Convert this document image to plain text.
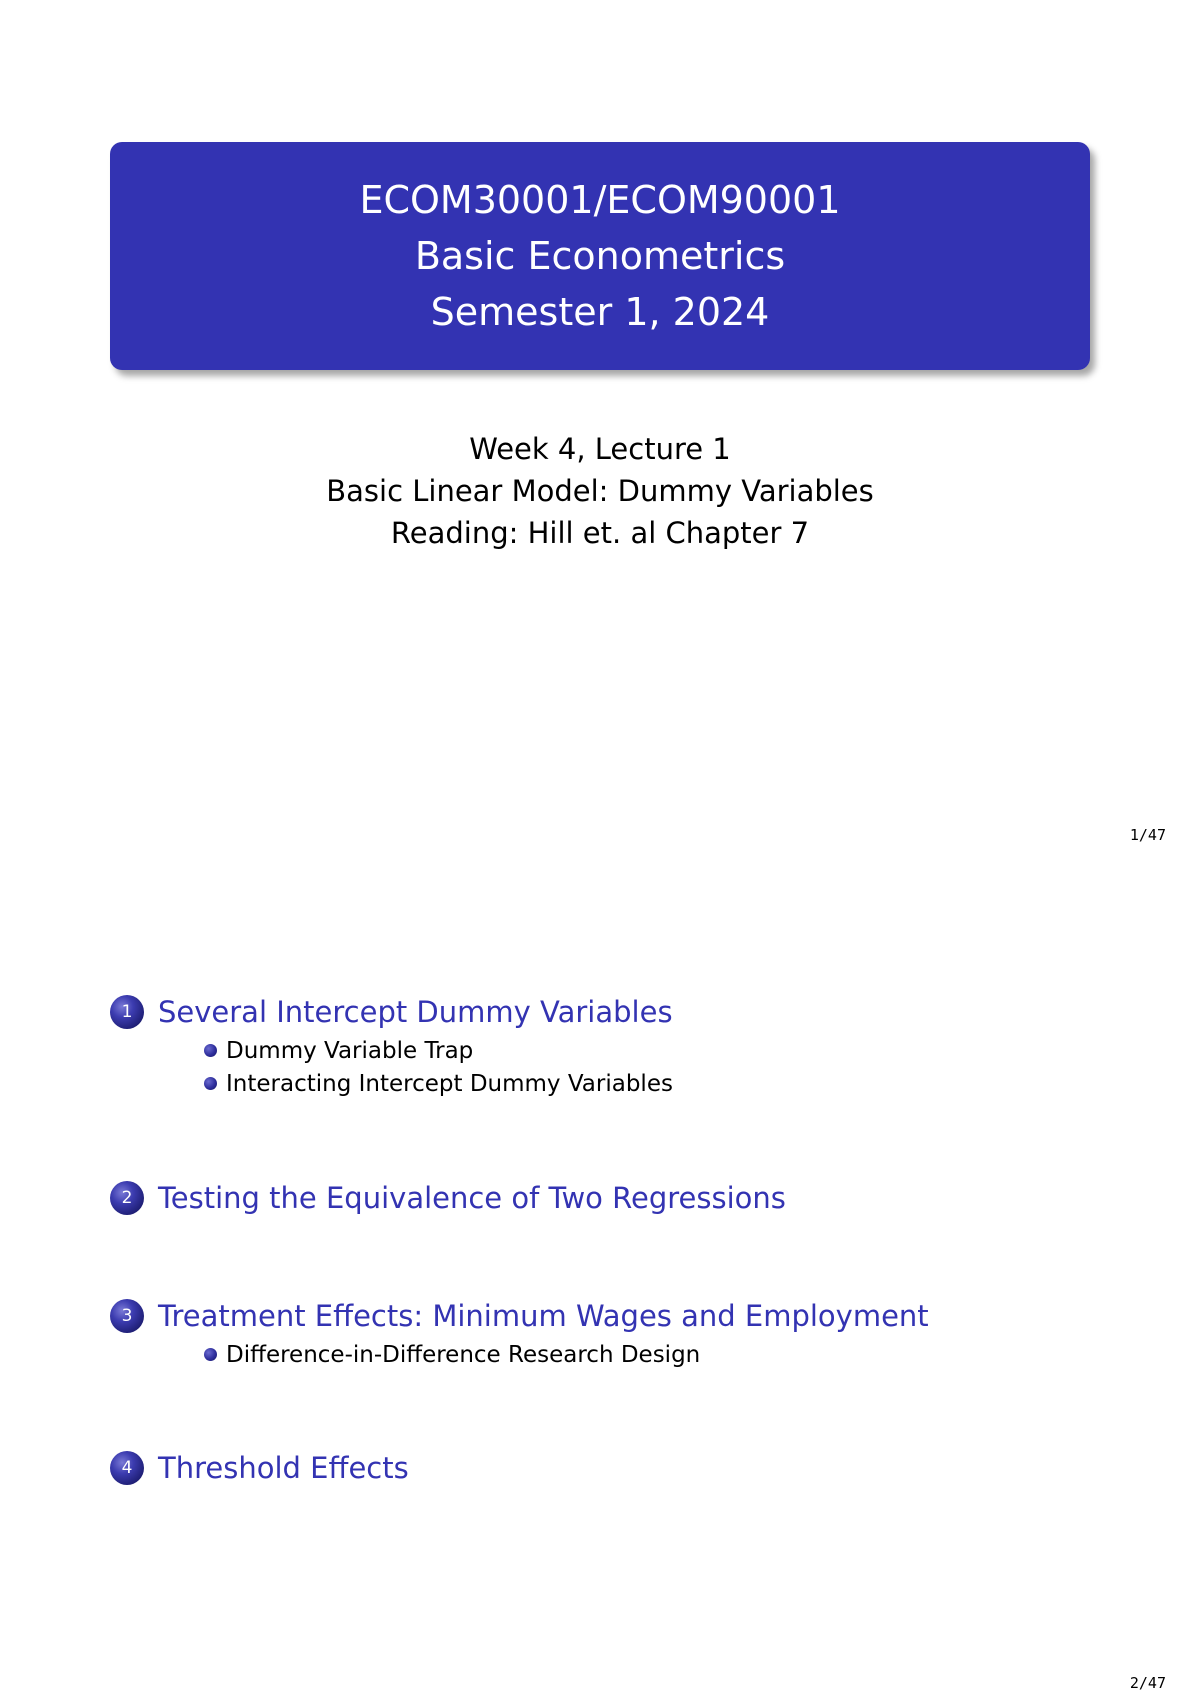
ECOM30001/ECOM90001
Basic Econometrics
Semester 1, 2024
Week 4, Lecture 1
Basic Linear Model: Dummy Variables
Reading: Hill et. al Chapter 7
1/47
1 Several Intercept Dummy Variables
Dummy Variable Trap
Interacting Intercept Dummy Variables
2 Testing the Equivalence of Two Regressions
3 Treatment Effects: Minimum Wages and Employment
Difference-in-Difference Research Design
4 Threshold Effects
2/47
